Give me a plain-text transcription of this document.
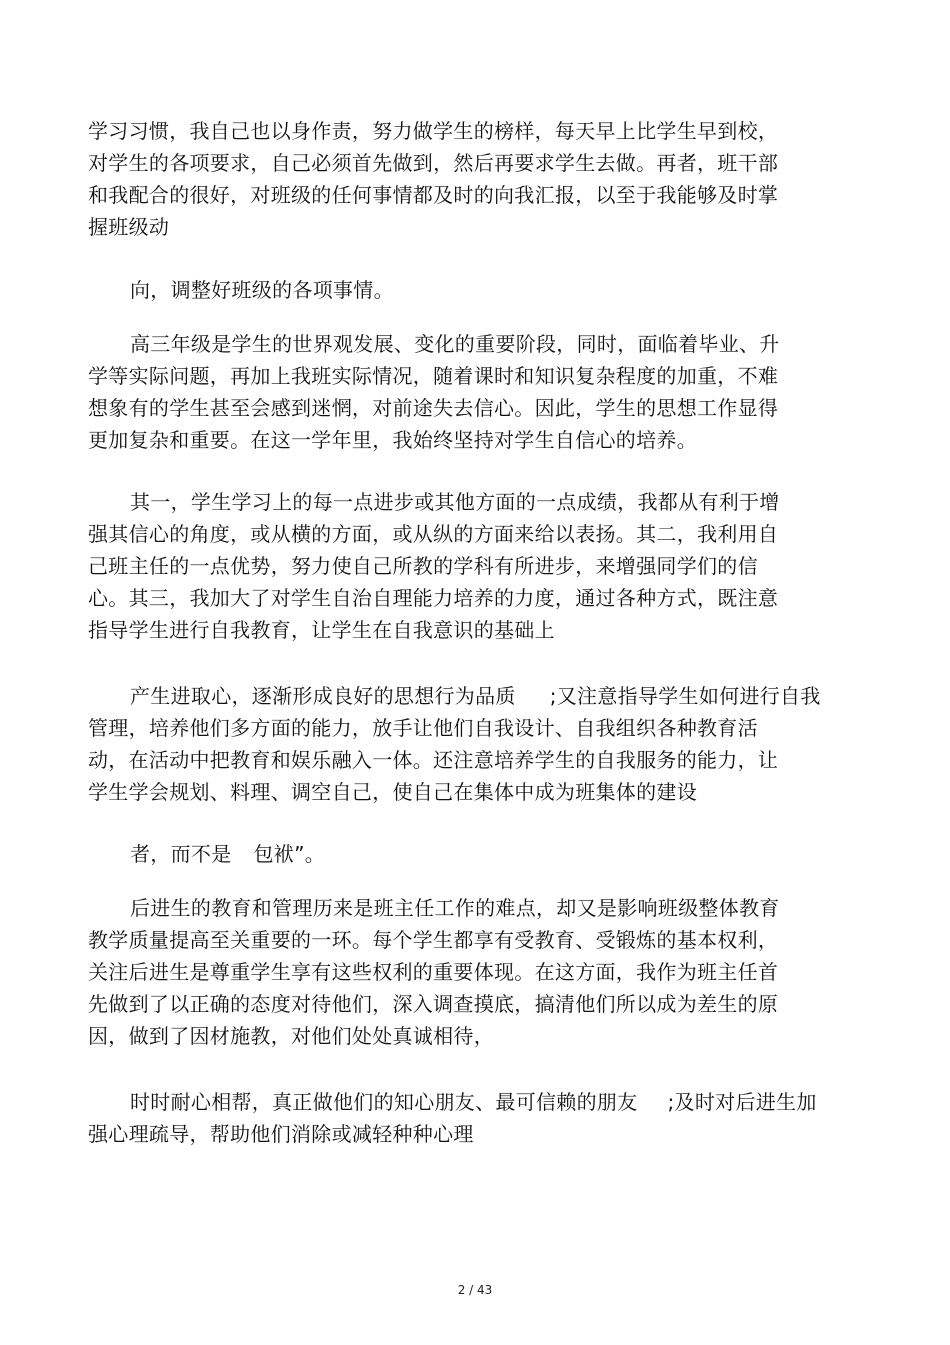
学习习惯，我自己也以身作责，努力做学生的榜样，每天早上比学生早到校，
对学生的各项要求，自己必须首先做到，然后再要求学生去做。再者，班干部
和我配合的很好，对班级的任何事情都及时的向我汇报，以至于我能够及时掌
握班级动
向，调整好班级的各项事情。
高三年级是学生的世界观发展、变化的重要阶段，同时，面临着毕业、升
学等实际问题，再加上我班实际情况，随着课时和知识复杂程度的加重，不难
想象有的学生甚至会感到迷惘，对前途失去信心。因此，学生的思想工作显得
更加复杂和重要。在这一学年里，我始终坚持对学生自信心的培养。
其一，学生学习上的每一点进步或其他方面的一点成绩，我都从有利于增
强其信心的角度，或从横的方面，或从纵的方面来给以表扬。其二，我利用自
己班主任的一点优势，努力使自己所教的学科有所进步，来增强同学们的信
心。其三，我加大了对学生自治自理能力培养的力度，通过各种方式，既注意
指导学生进行自我教育，让学生在自我意识的基础上
产生进取心，逐渐形成良好的思想行为品质 ;又注意指导学生如何进行自我
管理，培养他们多方面的能力，放手让他们自我设计、自我组织各种教育活
动，在活动中把教育和娱乐融入一体。还注意培养学生的自我服务的能力，让
学生学会规划、料理、调空自己，使自己在集体中成为班集体的建设
者，而不是 包袱”。
后进生的教育和管理历来是班主任工作的难点，却又是影响班级整体教育
教学质量提高至关重要的一环。每个学生都享有受教育、受锻炼的基本权利，
关注后进生是尊重学生享有这些权利的重要体现。在这方面，我作为班主任首
先做到了以正确的态度对待他们，深入调查摸底，搞清他们所以成为差生的原
因，做到了因材施教，对他们处处真诚相待，
时时耐心相帮，真正做他们的知心朋友、最可信赖的朋友 ;及时对后进生加
强心理疏导，帮助他们消除或减轻种种心理
2 / 43
